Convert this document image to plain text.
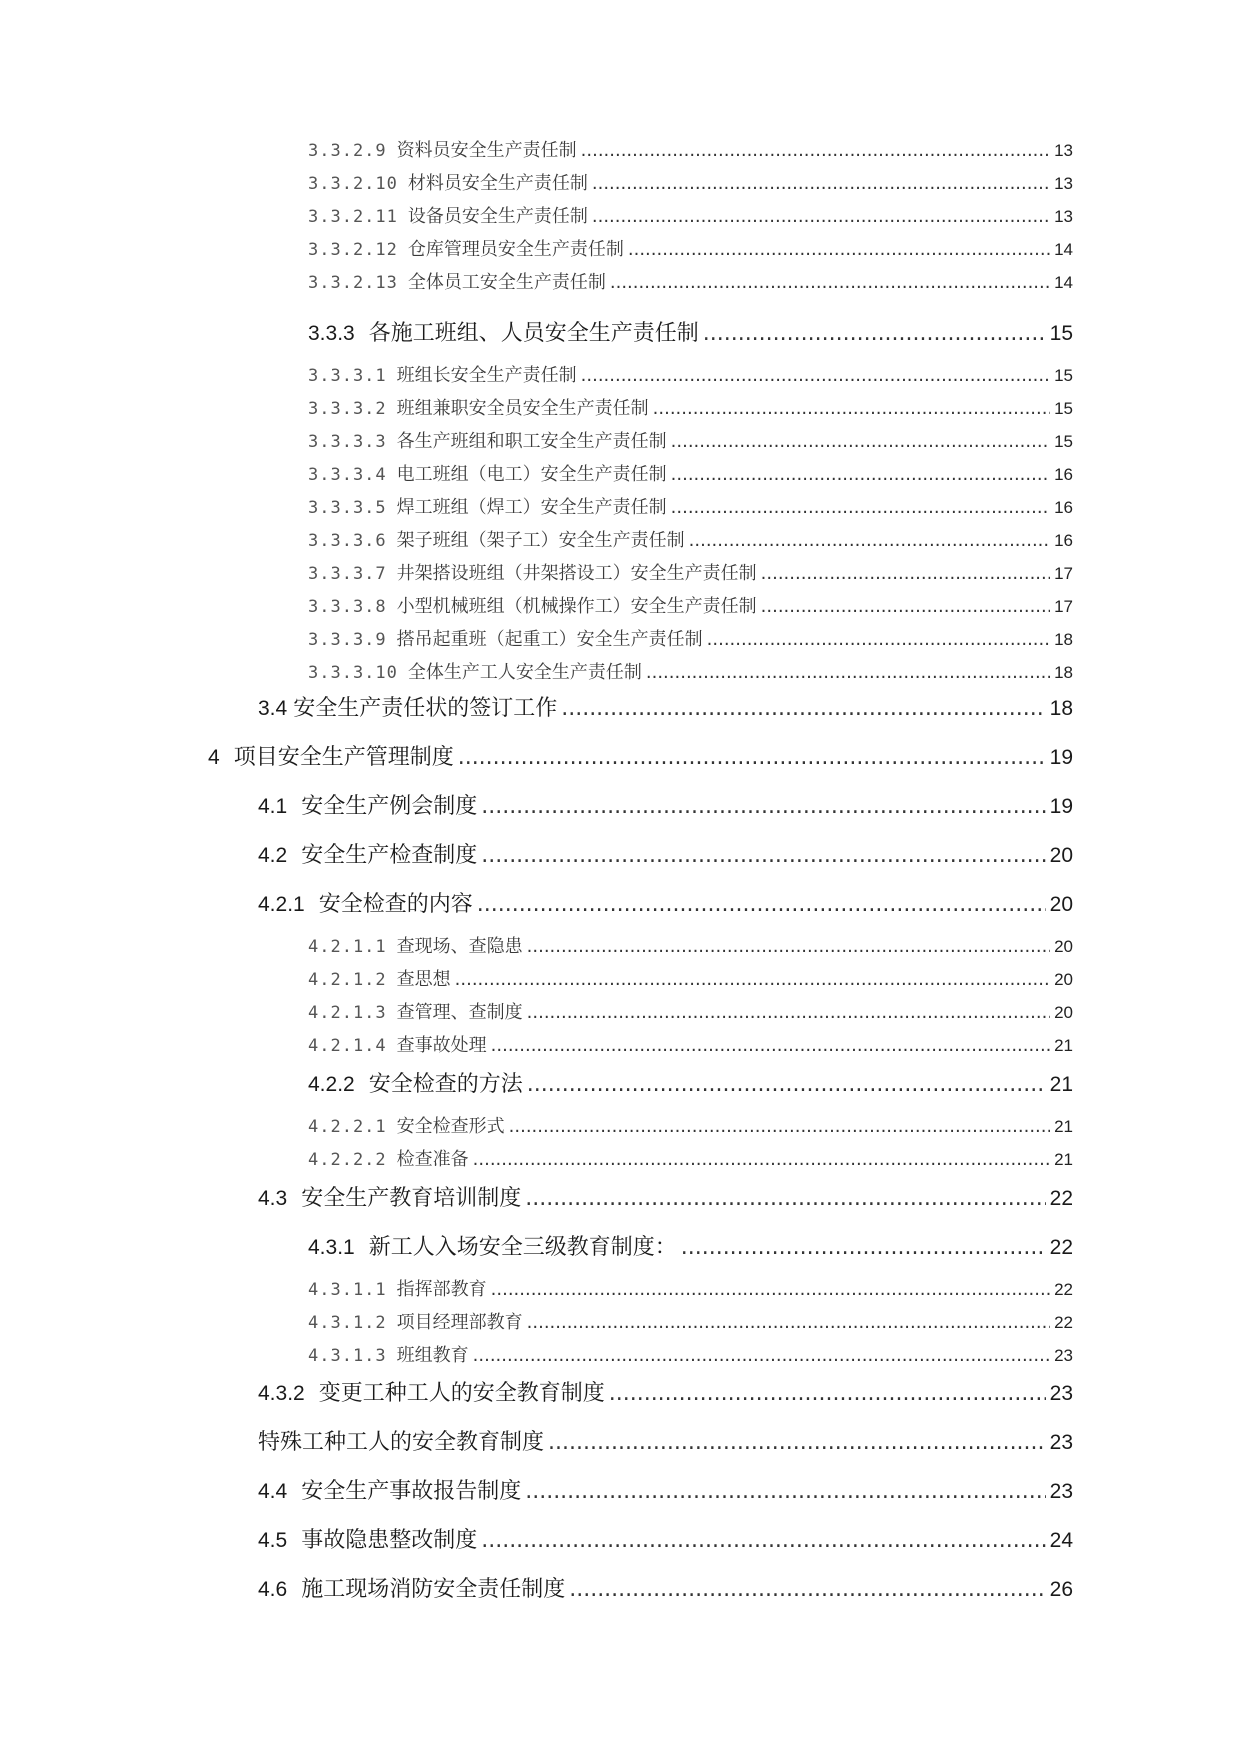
3.3.2.9 资料员安全生产责任制 .....	13
3.3.2.10 材料员安全生产责任制 .....	13
3.3.2.11 设备员安全生产责任制 .....	13
3.3.2.12 仓库管理员安全生产责任制 .....	14
3.3.2.13 全体员工安全生产责任制 .....	14
3.3.3 各施工班组、人员安全生产责任制 .....	15
3.3.3.1 班组长安全生产责任制 .....	15
3.3.3.2 班组兼职安全员安全生产责任制 .....	15
3.3.3.3 各生产班组和职工安全生产责任制 .....	15
3.3.3.4 电工班组（电工）安全生产责任制 .....	16
3.3.3.5 焊工班组（焊工）安全生产责任制 .....	16
3.3.3.6 架子班组（架子工）安全生产责任制 .....	16
3.3.3.7 井架搭设班组（井架搭设工）安全生产责任制 .....	17
3.3.3.8 小型机械班组（机械操作工）安全生产责任制 .....	17
3.3.3.9 搭吊起重班（起重工）安全生产责任制 .....	18
3.3.3.10 全体生产工人安全生产责任制 .....	18
3.4 安全生产责任状的签订工作 .....	18
4 项目安全生产管理制度 .....	19
4.1 安全生产例会制度 .....	19
4.2 安全生产检查制度 .....	20
4.2.1 安全检查的内容 .....	20
4.2.1.1 查现场、查隐患 .....	20
4.2.1.2 查思想 .....	20
4.2.1.3 查管理、查制度 .....	20
4.2.1.4 查事故处理 .....	21
4.2.2 安全检查的方法 .....	21
4.2.2.1 安全检查形式 .....	21
4.2.2.2 检查准备 .....	21
4.3 安全生产教育培训制度 .....	22
4.3.1 新工人入场安全三级教育制度： .....	22
4.3.1.1 指挥部教育 .....	22
4.3.1.2 项目经理部教育 .....	22
4.3.1.3 班组教育 .....	23
4.3.2 变更工种工人的安全教育制度 .....	23
特殊工种工人的安全教育制度 .....	23
4.4 安全生产事故报告制度 .....	23
4.5 事故隐患整改制度 .....	24
4.6 施工现场消防安全责任制度 .....	26
